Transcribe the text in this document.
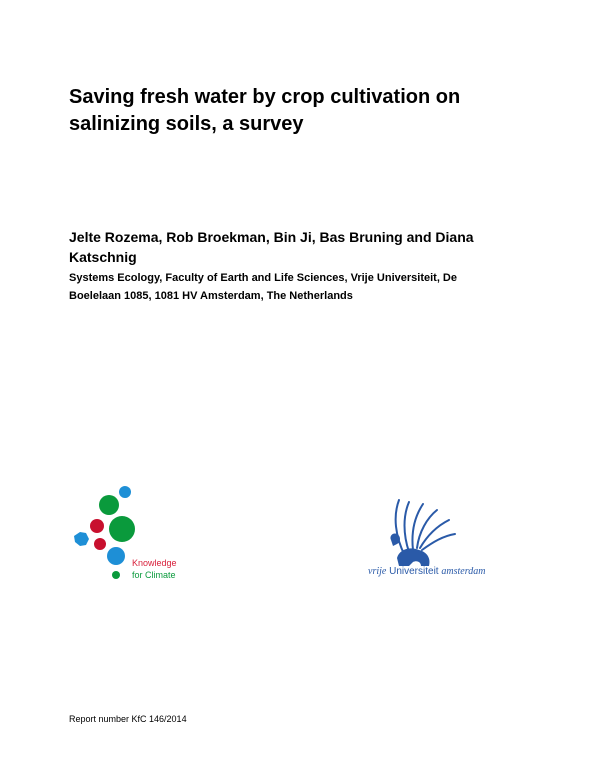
Saving fresh water by crop cultivation on
salinizing soils, a survey

Jelte Rozema, Rob Broekman, Bin Ji, Bas Bruning and Diana
Katschnig

Systems Ecology, Faculty of Earth and Life Sciences, Vrije Universiteit, De
Boelelaan 1085, 1081 HV Amsterdam, The Netherlands

Knowledge
for Climate	vrije Universiteit amsterdam

Report number KfC 146/2014
